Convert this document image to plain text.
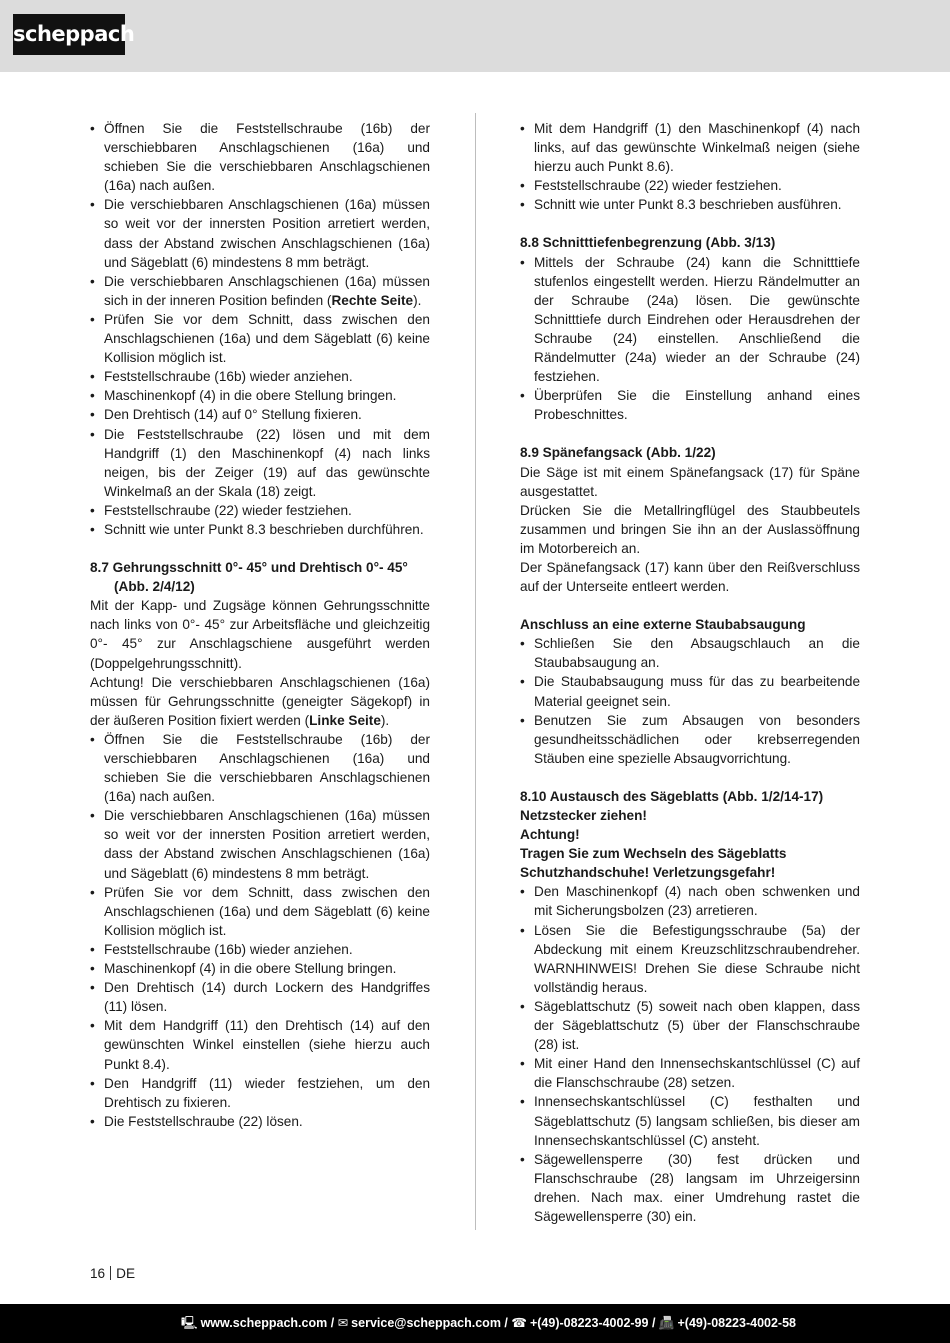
scheppach
• Öffnen Sie die Feststellschraube (16b) der verschiebbaren Anschlagschienen (16a) und schieben Sie die verschiebbaren Anschlagschienen (16a) nach außen.
• Die verschiebbaren Anschlagschienen (16a) müssen so weit vor der innersten Position arretiert werden, dass der Abstand zwischen Anschlagschienen (16a) und Sägeblatt (6) mindestens 8 mm beträgt.
• Die verschiebbaren Anschlagschienen (16a) müssen sich in der inneren Position befinden (Rechte Seite).
• Prüfen Sie vor dem Schnitt, dass zwischen den Anschlagschienen (16a) und dem Sägeblatt (6) keine Kollision möglich ist.
• Feststellschraube (16b) wieder anziehen.
• Maschinenkopf (4) in die obere Stellung bringen.
• Den Drehtisch (14) auf 0° Stellung fixieren.
• Die Feststellschraube (22) lösen und mit dem Handgriff (1) den Maschinenkopf (4) nach links neigen, bis der Zeiger (19) auf das gewünschte Winkelmaß an der Skala (18) zeigt.
• Feststellschraube (22) wieder festziehen.
• Schnitt wie unter Punkt 8.3 beschrieben durchführen.
8.7 Gehrungsschnitt 0°- 45° und Drehtisch 0°- 45°
(Abb. 2/4/12)

Mit der Kapp- und Zugsäge können Gehrungsschnitte nach links von 0°- 45° zur Arbeitsfläche und gleichzeitig 0°- 45° zur Anschlagschiene ausgeführt werden (Doppelgehrungsschnitt).

Achtung! Die verschiebbaren Anschlagschienen (16a) müssen für Gehrungsschnitte (geneigter Sägekopf) in der äußeren Position fixiert werden (Linke Seite).

• Öffnen Sie die Feststellschraube (16b) der verschiebbaren Anschlagschienen (16a) und schieben Sie die verschiebbaren Anschlagschienen (16a) nach außen.
• Die verschiebbaren Anschlagschienen (16a) müssen so weit vor der innersten Position arretiert werden, dass der Abstand zwischen Anschlagschienen (16a) und Sägeblatt (6) mindestens 8 mm beträgt.
• Prüfen Sie vor dem Schnitt, dass zwischen den Anschlagschienen (16a) und dem Sägeblatt (6) keine Kollision möglich ist.
• Feststellschraube (16b) wieder anziehen.
• Maschinenkopf (4) in die obere Stellung bringen.
• Den Drehtisch (14) durch Lockern des Handgriffes (11) lösen.
• Mit dem Handgriff (11) den Drehtisch (14) auf den gewünschten Winkel einstellen (siehe hierzu auch Punkt 8.4).
• Den Handgriff (11) wieder festziehen, um den Drehtisch zu fixieren.
• Die Feststellschraube (22) lösen.
• Mit dem Handgriff (1) den Maschinenkopf (4) nach links, auf das gewünschte Winkelmaß neigen (siehe hierzu auch Punkt 8.6).
• Feststellschraube (22) wieder festziehen.
• Schnitt wie unter Punkt 8.3 beschrieben ausführen.
8.8 Schnitttiefenbegrenzung (Abb. 3/13)
• Mittels der Schraube (24) kann die Schnitttiefe stufenlos eingestellt werden. Hierzu Rändelmutter an der Schraube (24a) lösen. Die gewünschte Schnitttiefe durch Eindrehen oder Herausdrehen der Schraube (24) einstellen. Anschließend die Rändelmutter (24a) wieder an der Schraube (24) festziehen.
• Überprüfen Sie die Einstellung anhand eines Probeschnittes.
8.9 Spänefangsack (Abb. 1/22)

Die Säge ist mit einem Spänefangsack (17) für Späne ausgestattet.

Drücken Sie die Metallringflügel des Staubbeutels zusammen und bringen Sie ihn an der Auslassöffnung im Motorbereich an.

Der Spänefangsack (17) kann über den Reißverschluss auf der Unterseite entleert werden.

Anschluss an eine externe Staubabsaugung
• Schließen Sie den Absaugschlauch an die Staubabsaugung an.
• Die Staubabsaugung muss für das zu bearbeitende Material geeignet sein.
• Benutzen Sie zum Absaugen von besonders gesundheitsschädlichen oder krebserregenden Stäuben eine spezielle Absaugvorrichtung.
8.10 Austausch des Sägeblatts (Abb. 1/2/14-17)
Netzstecker ziehen!
Achtung!
Tragen Sie zum Wechseln des Sägeblatts Schutzhandschuhe! Verletzungsgefahr!
• Den Maschinenkopf (4) nach oben schwenken und mit Sicherungsbolzen (23) arretieren.
• Lösen Sie die Befestigungsschraube (5a) der Abdeckung mit einem Kreuzschlitzschraubendreher. WARNHINWEIS! Drehen Sie diese Schraube nicht vollständig heraus.
• Sägeblattschutz (5) soweit nach oben klappen, dass der Sägeblattschutz (5) über der Flanschschraube (28) ist.
• Mit einer Hand den Innensechskantschlüssel (C) auf die Flanschschraube (28) setzen.
• Innensechskantschlüssel (C) festhalten und Sägeblattschutz (5) langsam schließen, bis dieser am Innensechskantschlüssel (C) ansteht.
• Sägewellensperre (30) fest drücken und Flanschschraube (28) langsam im Uhrzeigersinn drehen. Nach max. einer Umdrehung rastet die Sägewellensperre (30) ein.
16 DE
🖳 www.scheppach.com / ✉ service@scheppach.com / ☎ +(49)-08223-4002-99 / 📠 +(49)-08223-4002-58
